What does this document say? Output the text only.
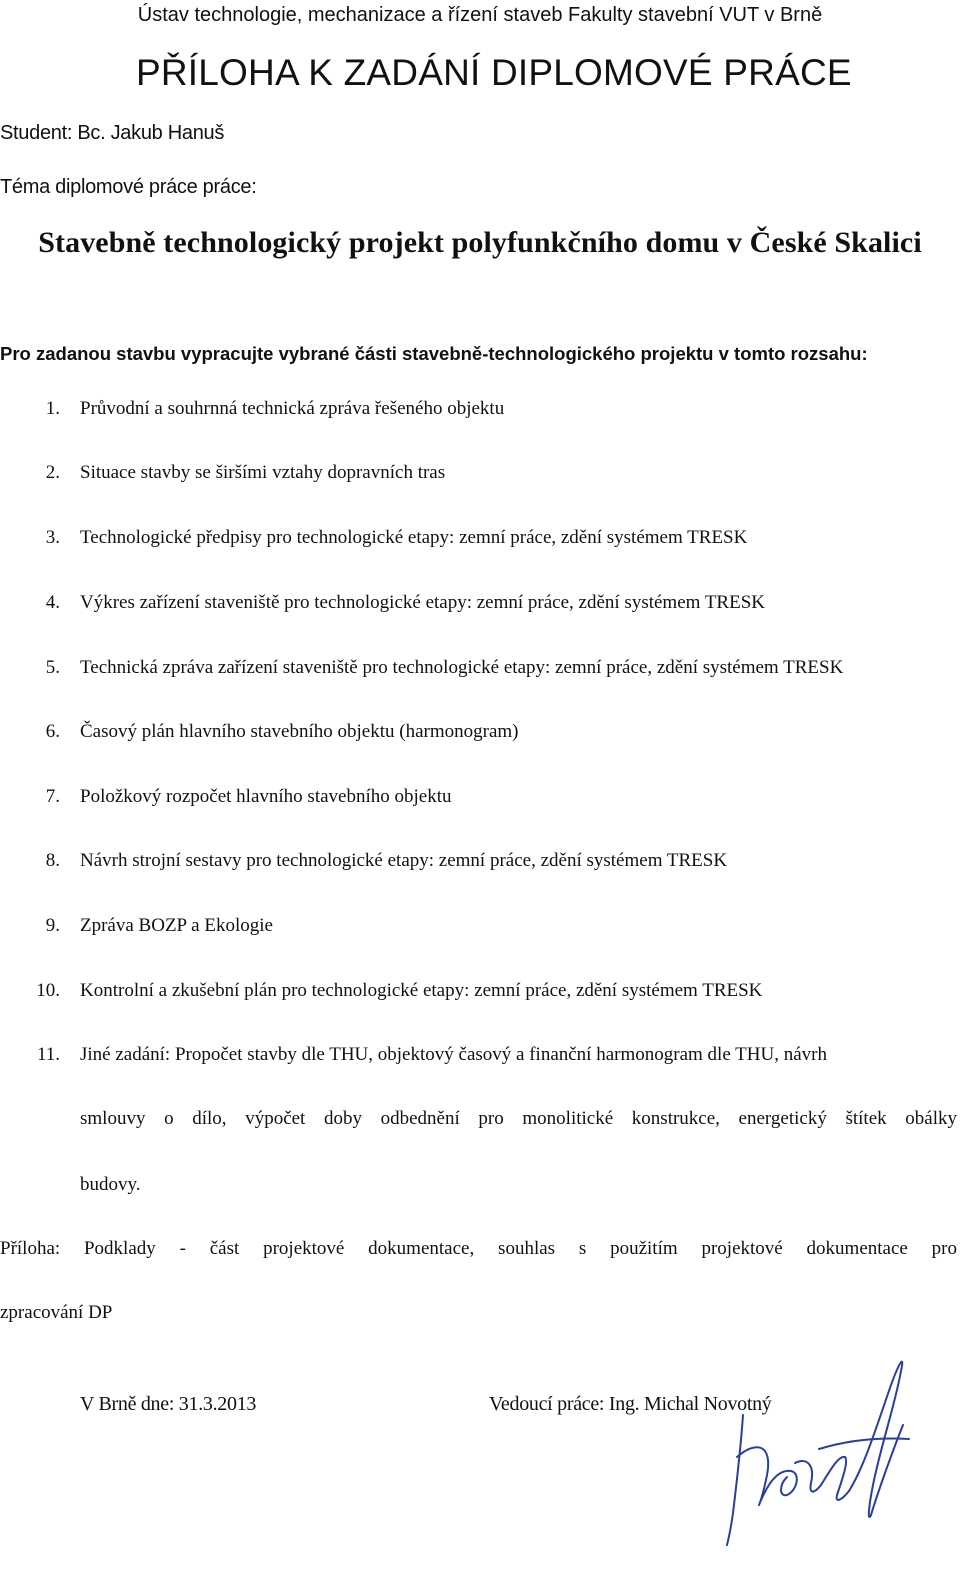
Ústav technologie, mechanizace a řízení staveb Fakulty stavební VUT v Brně
PŘÍLOHA K ZADÁNÍ DIPLOMOVÉ PRÁCE
Student: Bc. Jakub Hanuš
Téma diplomové práce práce:
Stavebně technologický projekt polyfunkčního domu v České Skalici
Pro zadanou stavbu vypracujte vybrané části stavebně-technologického projektu v tomto rozsahu:
1.	Průvodní a souhrnná technická zpráva řešeného objektu
2.	Situace stavby se širšími vztahy dopravních tras
3.	Technologické předpisy pro technologické etapy: zemní práce, zdění systémem TRESK
4.	Výkres zařízení staveniště pro technologické etapy: zemní práce, zdění systémem TRESK
5.	Technická zpráva zařízení staveniště pro technologické etapy: zemní práce, zdění systémem TRESK
6.	Časový plán hlavního stavebního objektu (harmonogram)
7.	Položkový rozpočet hlavního stavebního objektu
8.	Návrh strojní sestavy pro technologické etapy: zemní práce, zdění systémem TRESK
9.	Zpráva BOZP a Ekologie
10.	Kontrolní a zkušební plán pro technologické etapy: zemní práce, zdění systémem TRESK
11.	Jiné zadání: Propočet stavby dle THU, objektový časový a finanční harmonogram dle THU, návrh
smlouvy o dílo, výpočet doby odbednění pro monolitické konstrukce, energetický štítek obálky
budovy.
Příloha: Podklady - část projektové dokumentace, souhlas s použitím projektové dokumentace pro
zpracování DP
V Brně dne: 31.3.2013	Vedoucí práce: Ing. Michal Novotný
